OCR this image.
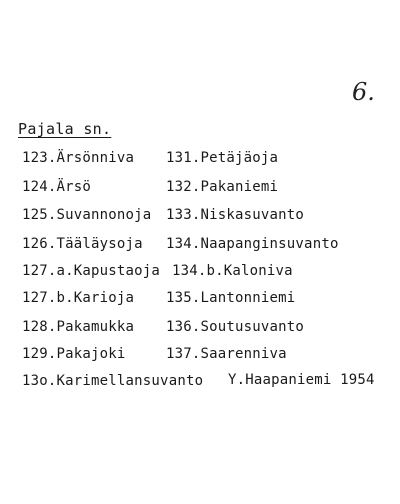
6.
Pajala sn.
123.Ärsönniva
124.Ärsö
125.Suvannonoja
126.Tääläysoja
127.a.Kapustaoja
127.b.Karioja
128.Pakamukka
129.Pakajoki
13o.Karimellansuvanto
131.Petäjäoja
132.Pakaniemi
133.Niskasuvanto
134.Naapanginsuvanto
134.b.Kaloniva
135.Lantonniemi
136.Soutusuvanto
137.Saarenniva
Y.Haapaniemi 1954
